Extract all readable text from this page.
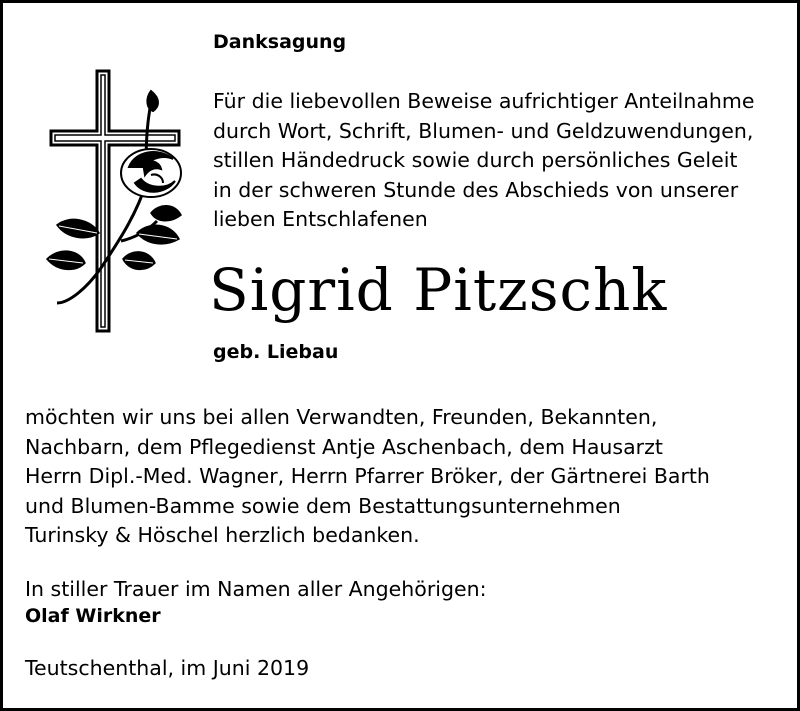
Danksagung
Für die liebevollen Beweise aufrichtiger Anteilnahme
durch Wort, Schrift, Blumen- und Geldzuwendungen,
stillen Händedruck sowie durch persönliches Geleit
in der schweren Stunde des Abschieds von unserer
lieben Entschlafenen
Sigrid Pitzschk
geb. Liebau
möchten wir uns bei allen Verwandten, Freunden, Bekannten,
Nachbarn, dem Pflegedienst Antje Aschenbach, dem Hausarzt
Herrn Dipl.-Med. Wagner, Herrn Pfarrer Bröker, der Gärtnerei Barth
und Blumen-Bamme sowie dem Bestattungsunternehmen
Turinsky & Höschel herzlich bedanken.
In stiller Trauer im Namen aller Angehörigen:
Olaf Wirkner
Teutschenthal, im Juni 2019
